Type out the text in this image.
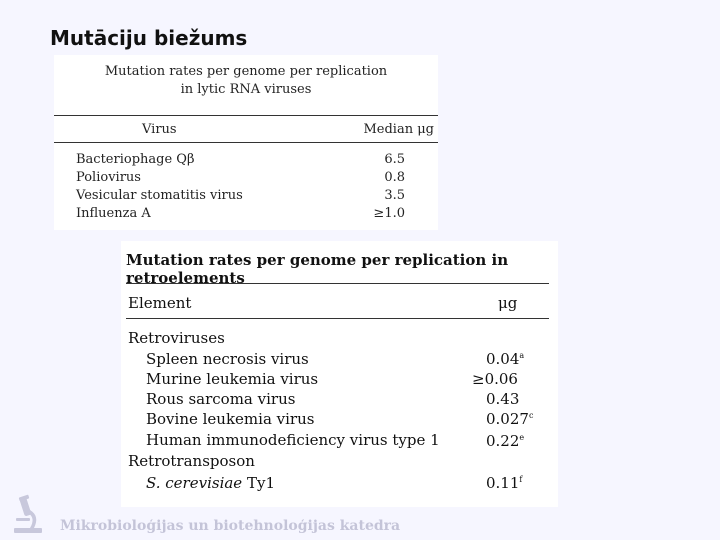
Mutāciju biežums
Mutation rates per genome per replication
in lytic RNA viruses
Virus	Median μg
Bacteriophage Qβ	6.5
Poliovirus	0.8
Vesicular stomatitis virus	3.5
Influenza A	≥1.0
Mutation rates per genome per replication in retroelements
Element	μg
Retroviruses
Spleen necrosis virus	0.04$^a$
Murine leukemia virus	≥0.06
Rous sarcoma virus	0.43
Bovine leukemia virus	0.027$^c$
Human immunodeficiency virus type 1	0.22e
Retrotransposon
S. cerevisiae Ty1	0.11$^f$
Mikrobioloģijas un biotehnoloģijas katedra
